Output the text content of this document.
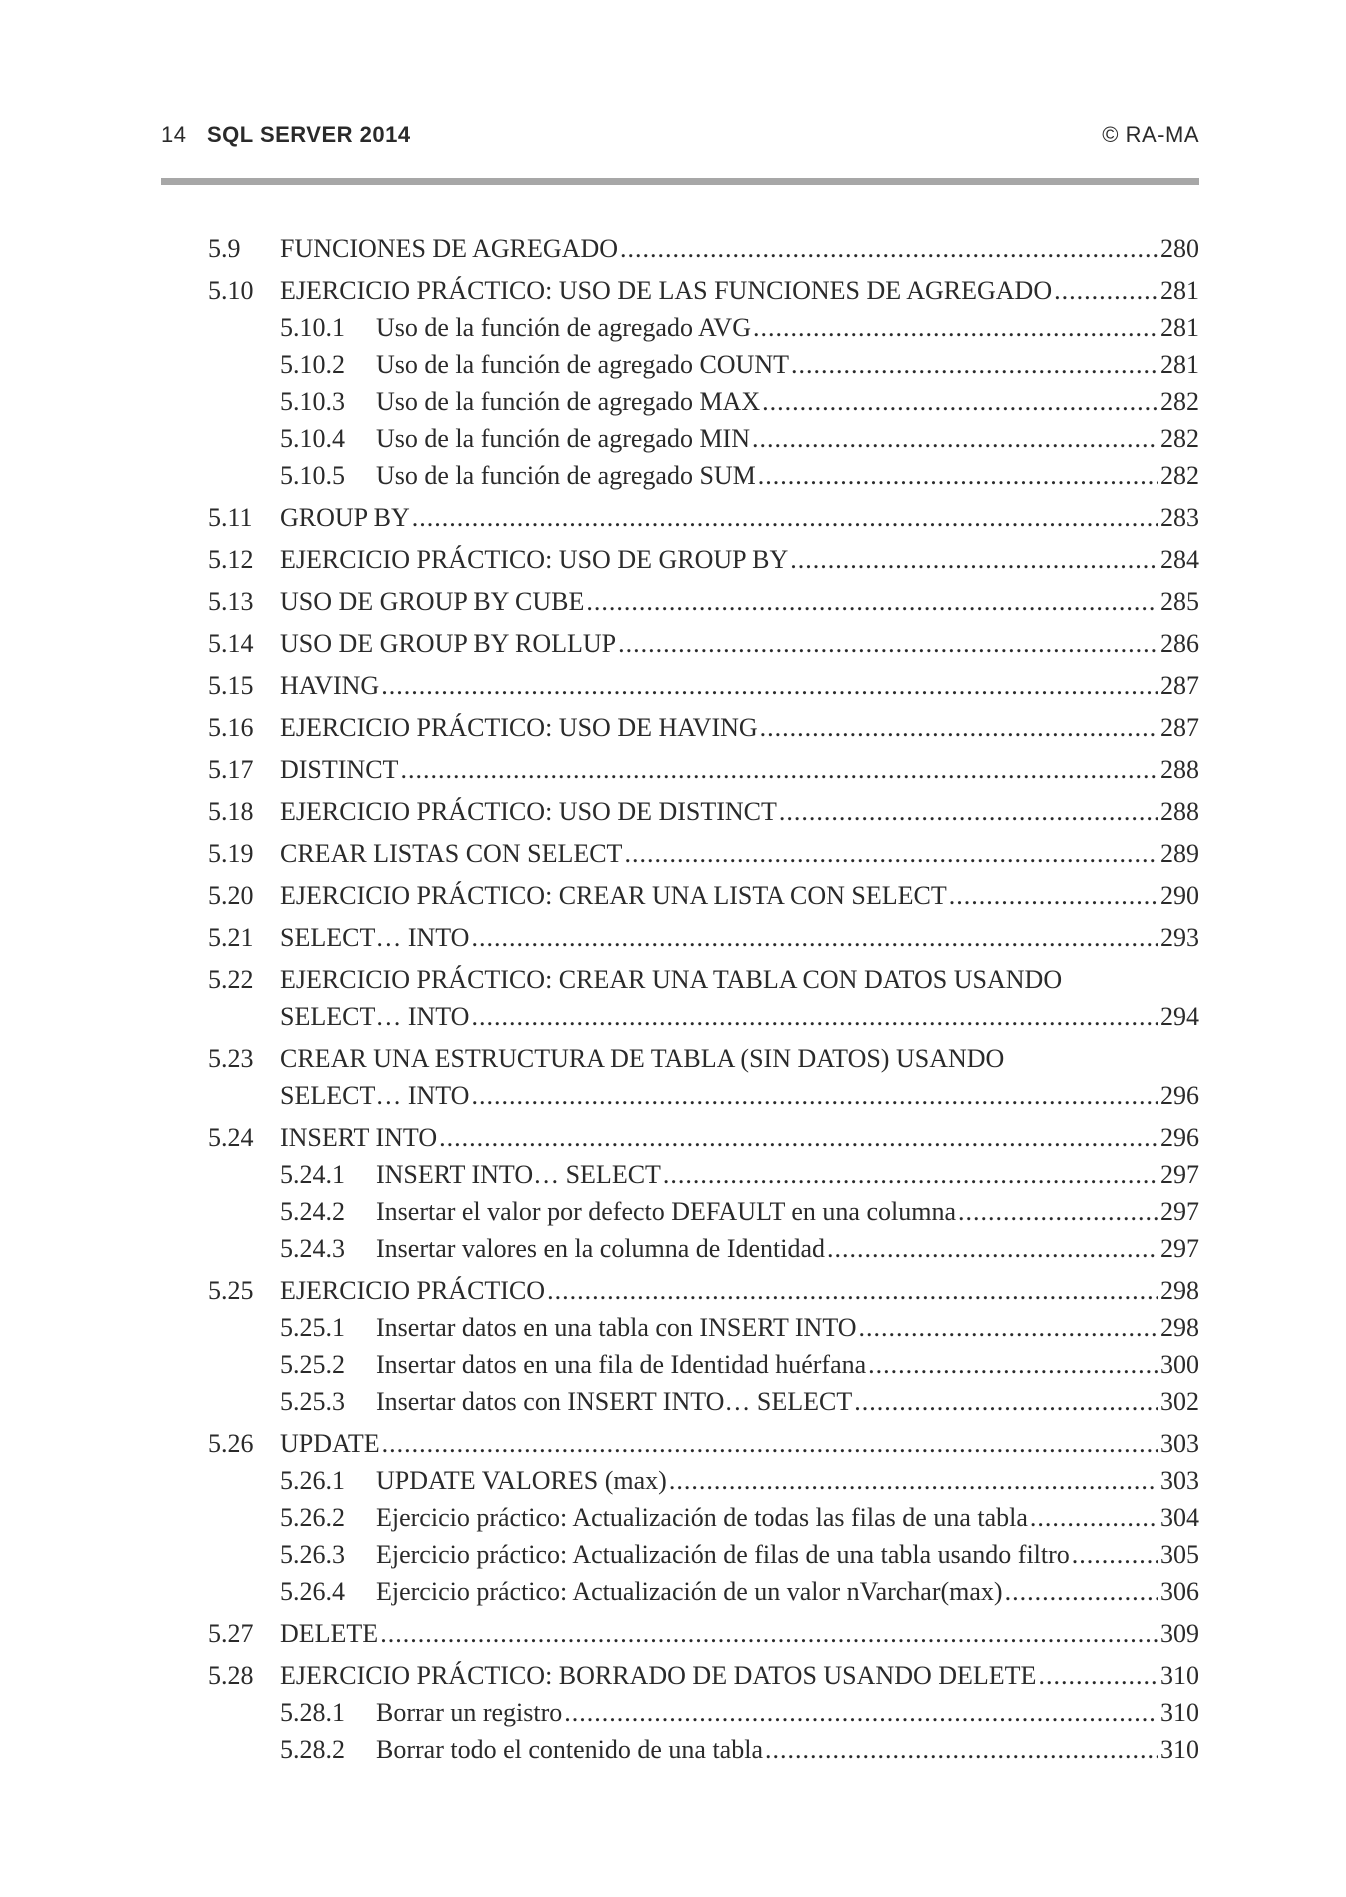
14 SQL SERVER 2014	© RA-MA
5.9	FUNCIONES DE AGREGADO .....	280
5.10	EJERCICIO PRÁCTICO: USO DE LAS FUNCIONES DE AGREGADO .....	281
5.10.1	Uso de la función de agregado AVG .....	281
5.10.2	Uso de la función de agregado COUNT .....	281
5.10.3	Uso de la función de agregado MAX .....	282
5.10.4	Uso de la función de agregado MIN .....	282
5.10.5	Uso de la función de agregado SUM .....	282
5.11	GROUP BY .....	283
5.12	EJERCICIO PRÁCTICO: USO DE GROUP BY .....	284
5.13	USO DE GROUP BY CUBE .....	285
5.14	USO DE GROUP BY ROLLUP .....	286
5.15	HAVING .....	287
5.16	EJERCICIO PRÁCTICO: USO DE HAVING .....	287
5.17	DISTINCT .....	288
5.18	EJERCICIO PRÁCTICO: USO DE DISTINCT .....	288
5.19	CREAR LISTAS CON SELECT .....	289
5.20	EJERCICIO PRÁCTICO: CREAR UNA LISTA CON SELECT .....	290
5.21	SELECT… INTO .....	293
5.22	EJERCICIO PRÁCTICO: CREAR UNA TABLA CON DATOS USANDO
SELECT… INTO .....	294
5.23	CREAR UNA ESTRUCTURA DE TABLA (SIN DATOS) USANDO
SELECT… INTO .....	296
5.24	INSERT INTO .....	296
5.24.1	INSERT INTO… SELECT .....	297
5.24.2	Insertar el valor por defecto DEFAULT en una columna .....	297
5.24.3	Insertar valores en la columna de Identidad .....	297
5.25	EJERCICIO PRÁCTICO .....	298
5.25.1	Insertar datos en una tabla con INSERT INTO .....	298
5.25.2	Insertar datos en una fila de Identidad huérfana .....	300
5.25.3	Insertar datos con INSERT INTO… SELECT .....	302
5.26	UPDATE .....	303
5.26.1	UPDATE VALORES (max) .....	303
5.26.2	Ejercicio práctico: Actualización de todas las filas de una tabla .....	304
5.26.3	Ejercicio práctico: Actualización de filas de una tabla usando filtro .....	305
5.26.4	Ejercicio práctico: Actualización de un valor nVarchar(max) .....	306
5.27	DELETE .....	309
5.28	EJERCICIO PRÁCTICO: BORRADO DE DATOS USANDO DELETE .....	310
5.28.1	Borrar un registro .....	310
5.28.2	Borrar todo el contenido de una tabla .....	310
